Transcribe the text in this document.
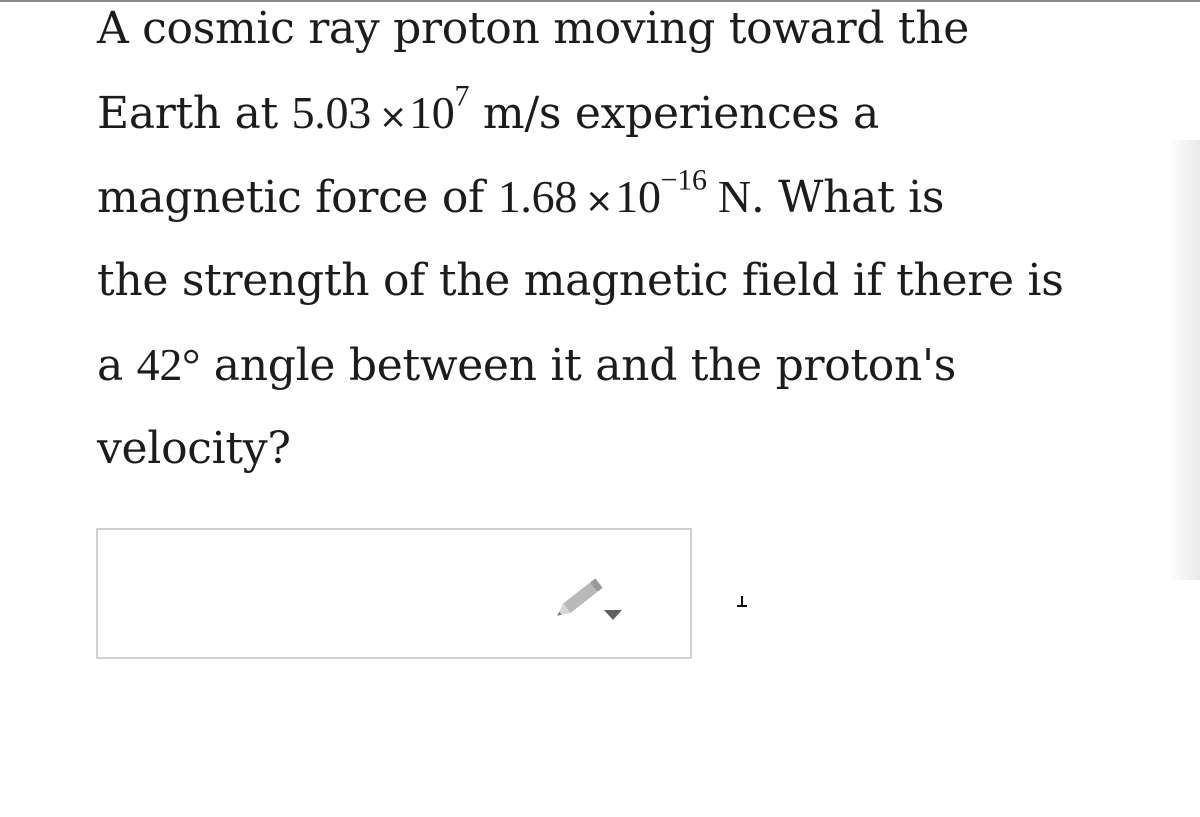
A cosmic ray proton moving toward the
Earth at $5.03 \times 10^7$ m/s experiences a
magnetic force of $1.68 \times 10^{-16}$ N. What is
the strength of the magnetic field if there is
a 42° angle between it and the proton's
velocity?
